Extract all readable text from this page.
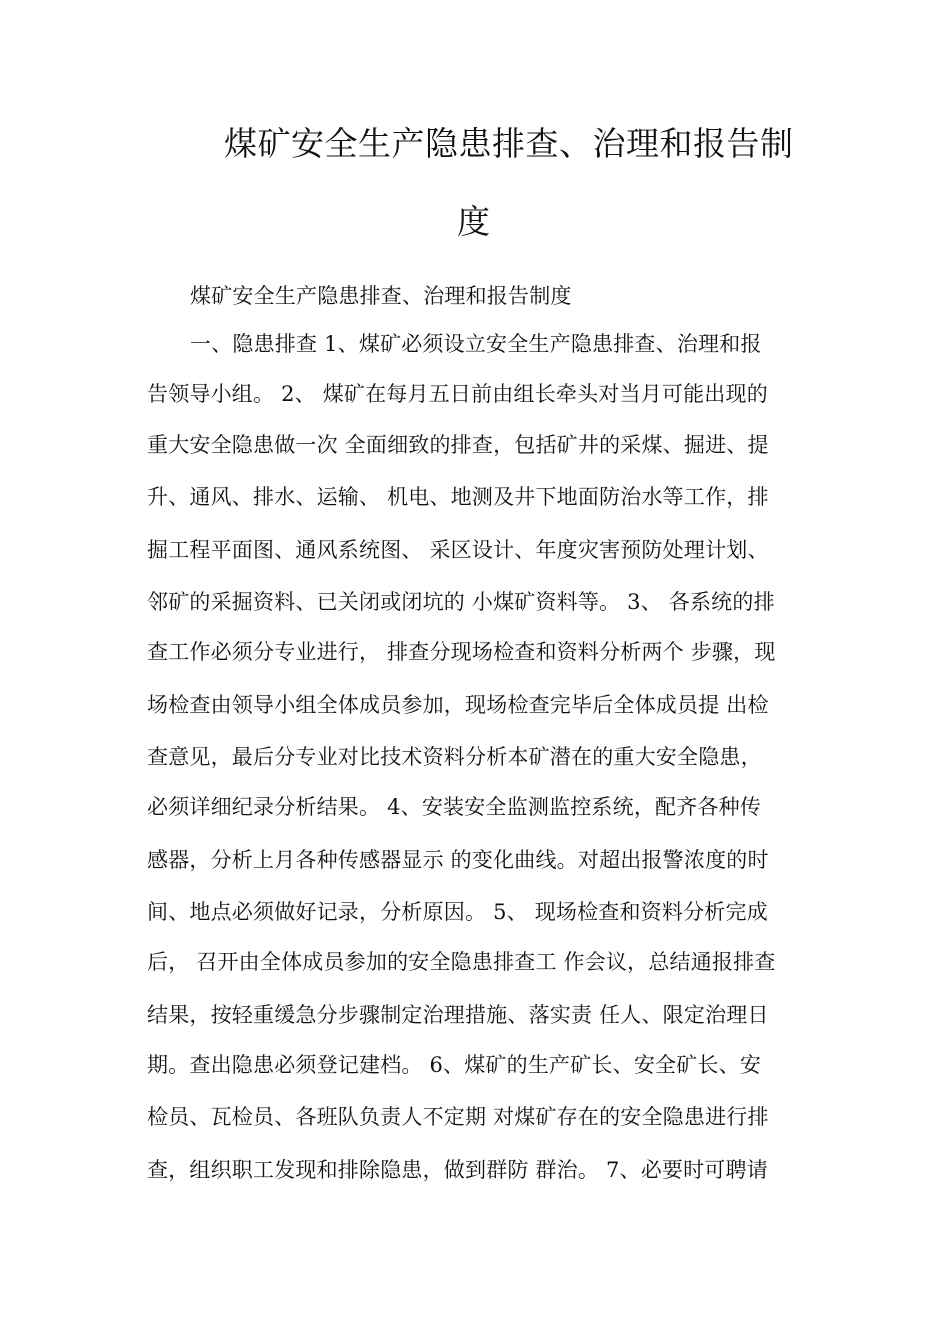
煤矿安全生产隐患排查、治理和报告制
度

煤矿安全生产隐患排查、治理和报告制度

一、隐患排查 1、煤矿必须设立安全生产隐患排查、治理和报

告领导小组。 2、 煤矿在每月五日前由组长牵头对当月可能出现的

重大安全隐患做一次 全面细致的排查，包括矿井的采煤、掘进、提

升、通风、排水、运输、 机电、地测及井下地面防治水等工作，排

掘工程平面图、通风系统图、 采区设计、年度灾害预防处理计划、

邻矿的采掘资料、已关闭或闭坑的 小煤矿资料等。 3、 各系统的排

查工作必须分专业进行， 排查分现场检查和资料分析两个 步骤，现

场检查由领导小组全体成员参加，现场检查完毕后全体成员提 出检

查意见，最后分专业对比技术资料分析本矿潜在的重大安全隐患，

必须详细纪录分析结果。 4、安装安全监测监控系统，配齐各种传

感器，分析上月各种传感器显示 的变化曲线。对超出报警浓度的时

间、地点必须做好记录，分析原因。 5、 现场检查和资料分析完成

后， 召开由全体成员参加的安全隐患排查工 作会议，总结通报排查

结果，按轻重缓急分步骤制定治理措施、落实责 任人、限定治理日

期。查出隐患必须登记建档。 6、煤矿的生产矿长、安全矿长、安

检员、瓦检员、各班队负责人不定期 对煤矿存在的安全隐患进行排

查，组织职工发现和排除隐患，做到群防 群治。 7、必要时可聘请
